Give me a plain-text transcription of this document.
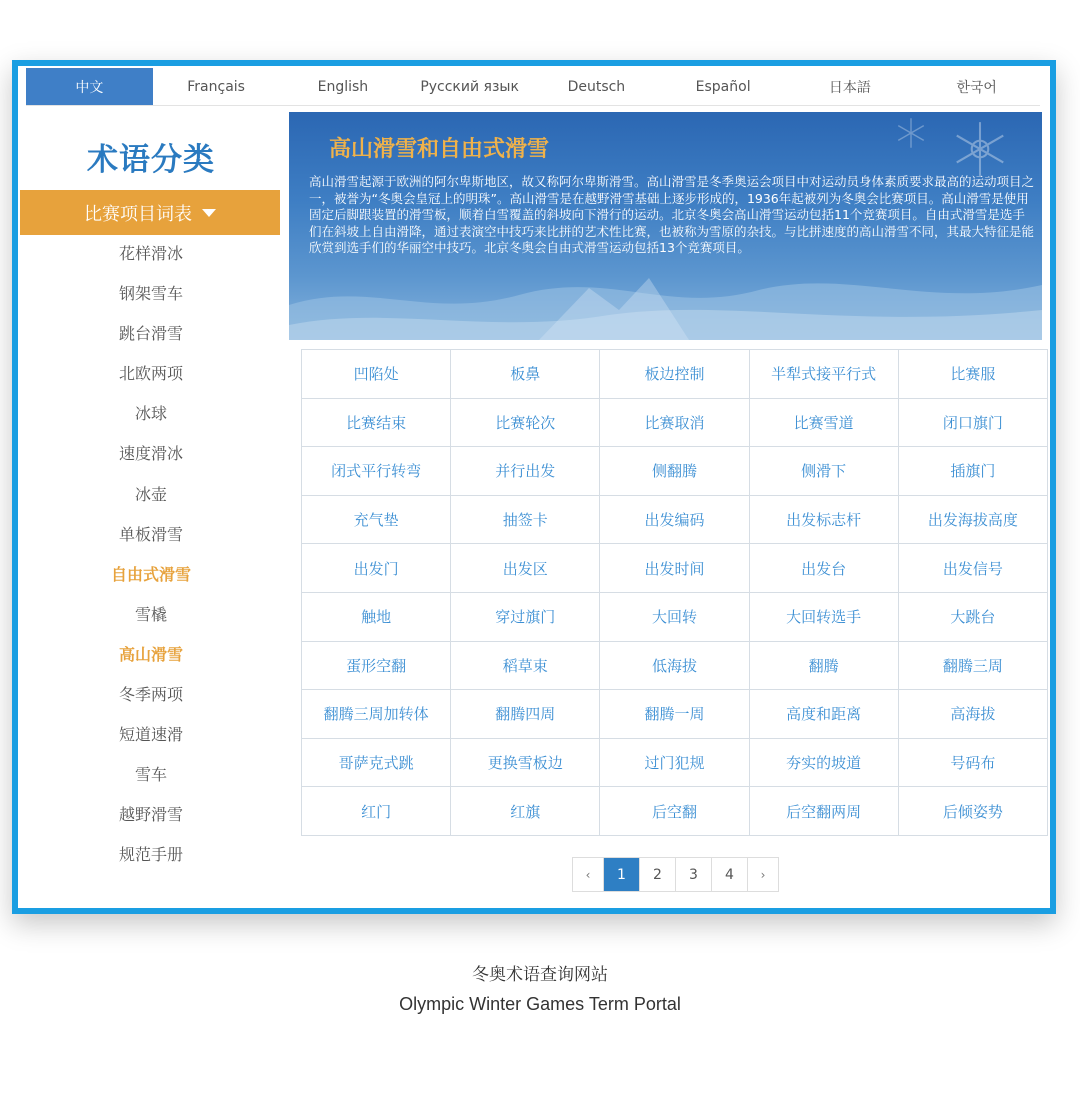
中文	Français	English	Русский язык	Deutsch	Español	日本語	한국어
术语分类
比赛项目词表
花样滑冰
钢架雪车
跳台滑雪
北欧两项
冰球
速度滑冰
冰壶
单板滑雪
自由式滑雪
雪橇
高山滑雪
冬季两项
短道速滑
雪车
越野滑雪
规范手册
高山滑雪和自由式滑雪

高山滑雪起源于欧洲的阿尔卑斯地区，故又称阿尔卑斯滑雪。高山滑雪是冬季奥运会项目中对运动员身体素质要求最高的运动项目之一，被誉为“冬奥会皇冠上的明珠”。高山滑雪是在越野滑雪基础上逐步形成的，1936年起被列为冬奥会比赛项目。高山滑雪是使用固定后脚跟装置的滑雪板，顺着白雪覆盖的斜坡向下滑行的运动。北京冬奥会高山滑雪运动包括11个竞赛项目。自由式滑雪是选手们在斜坡上自由滑降，通过表演空中技巧来比拼的艺术性比赛，也被称为雪原的杂技。与比拼速度的高山滑雪不同，其最大特征是能欣赏到选手们的华丽空中技巧。北京冬奥会自由式滑雪运动包括13个竞赛项目。

凹陷处	板鼻	板边控制	半犁式接平行式	比赛服
比赛结束	比赛轮次	比赛取消	比赛雪道	闭口旗门
闭式平行转弯	并行出发	侧翻腾	侧滑下	插旗门
充气垫	抽签卡	出发编码	出发标志杆	出发海拔高度
出发门	出发区	出发时间	出发台	出发信号
触地	穿过旗门	大回转	大回转选手	大跳台
蛋形空翻	稻草束	低海拔	翻腾	翻腾三周
翻腾三周加转体	翻腾四周	翻腾一周	高度和距离	高海拔
哥萨克式跳	更换雪板边	过门犯规	夯实的坡道	号码布
红门	红旗	后空翻	后空翻两周	后倾姿势
‹	1	2	3	4	›
冬奥术语查询网站
Olympic Winter Games Term Portal
